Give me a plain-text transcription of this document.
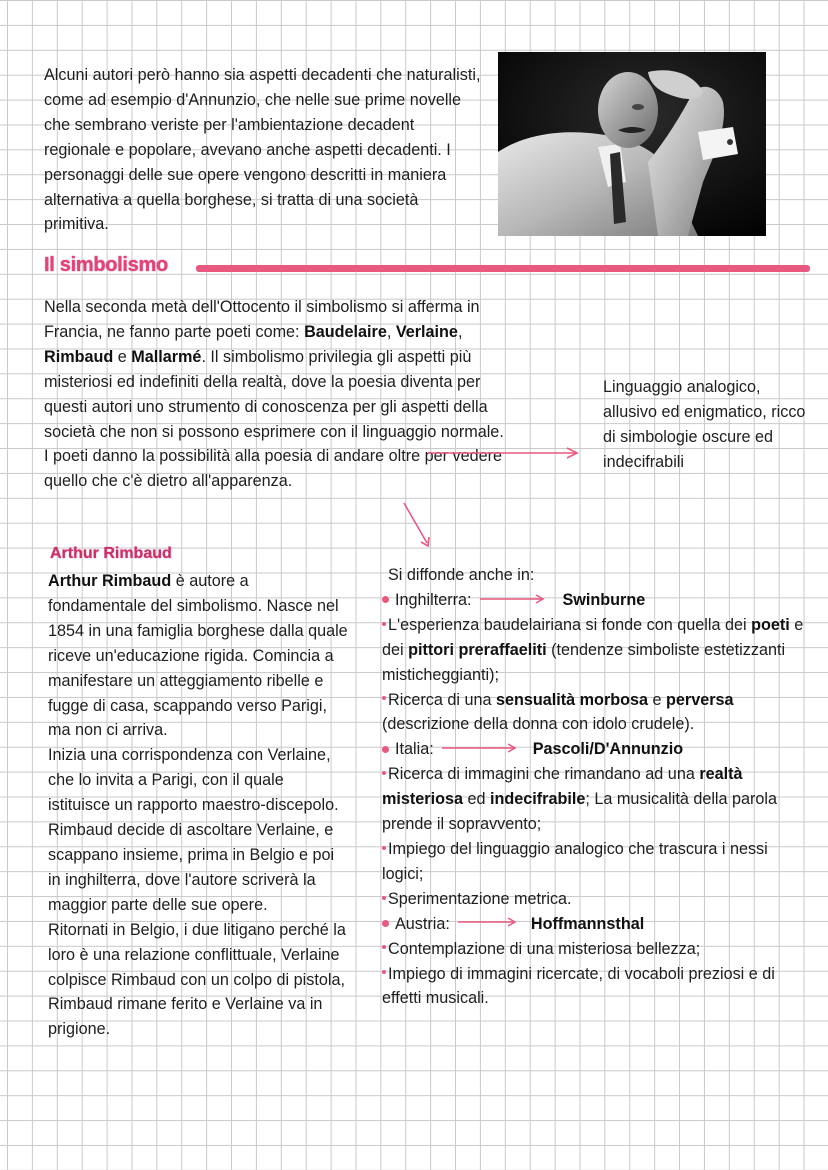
Alcuni autori però hanno sia aspetti decadenti che naturalisti, come ad esempio d'Annunzio, che nelle sue prime novelle che sembrano veriste per l'ambientazione decadent regionale e popolare, avevano anche aspetti decadenti. I personaggi delle sue opere vengono descritti in maniera alternativa a quella borghese, si tratta di una società primitiva.
Il simbolismo
Nella seconda metà dell'Ottocento il simbolismo si afferma in Francia, ne fanno parte poeti come: Baudelaire, Verlaine, Rimbaud e Mallarmé. Il simbolismo privilegia gli aspetti più misteriosi ed indefiniti della realtà, dove la poesia diventa per questi autori uno strumento di conoscenza per gli aspetti della società che non si possono esprimere con il linguaggio normale.
I poeti danno la possibilità alla poesia di andare oltre per vedere quello che c'è dietro all'apparenza.
Linguaggio analogico, allusivo ed enigmatico, ricco di simbologie oscure ed indecifrabili
Arthur Rimbaud
Arthur Rimbaud è autore a fondamentale del simbolismo. Nasce nel 1854 in una famiglia borghese dalla quale riceve un'educazione rigida. Comincia a manifestare un atteggiamento ribelle e fugge di casa, scappando verso Parigi, ma non ci arriva.
Inizia una corrispondenza con Verlaine, che lo invita a Parigi, con il quale istituisce un rapporto maestro-discepolo.
Rimbaud decide di ascoltare Verlaine, e scappano insieme, prima in Belgio e poi in inghilterra, dove l'autore scriverà la maggior parte delle sue opere.
Ritornati in Belgio, i due litigano perché la loro è una relazione conflittuale, Verlaine colpisce Rimbaud con un colpo di pistola, Rimbaud rimane ferito e Verlaine va in prigione.
Si diffonde anche in:
Inghilterra:	Swinburne
L'esperienza baudelairiana si fonde con quella dei poeti e dei pittori preraffaeliti (tendenze simboliste estetizzanti misticheggianti);
Ricerca di una sensualità morbosa e perversa (descrizione della donna con idolo crudele).
Italia:	Pascoli/D'Annunzio
Ricerca di immagini che rimandano ad una realtà misteriosa ed indecifrabile; La musicalità della parola prende il sopravvento;
Impiego del linguaggio analogico che trascura i nessi logici;
Sperimentazione metrica.
Austria:	Hoffmannsthal
Contemplazione di una misteriosa bellezza;
Impiego di immagini ricercate, di vocaboli preziosi e di effetti musicali.
